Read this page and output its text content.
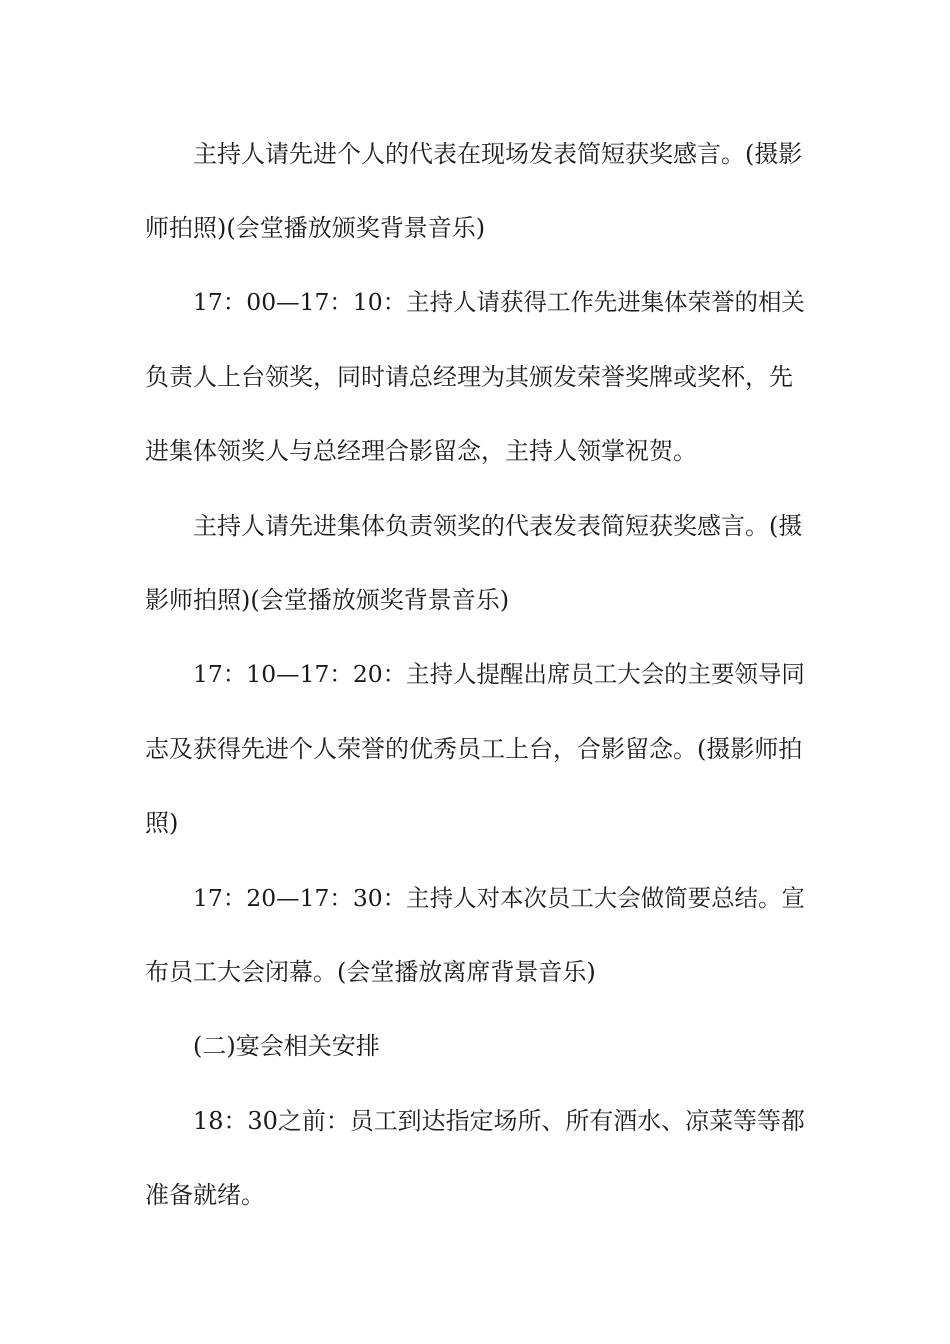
主持人请先进个人的代表在现场发表简短获奖感言。(摄影

师拍照)(会堂播放颁奖背景音乐)

17：00—17：10：主持人请获得工作先进集体荣誉的相关

负责人上台领奖，同时请总经理为其颁发荣誉奖牌或奖杯，先

进集体领奖人与总经理合影留念，主持人领掌祝贺。

主持人请先进集体负责领奖的代表发表简短获奖感言。(摄

影师拍照)(会堂播放颁奖背景音乐)

17：10—17：20：主持人提醒出席员工大会的主要领导同

志及获得先进个人荣誉的优秀员工上台，合影留念。(摄影师拍

照)

17：20—17：30：主持人对本次员工大会做简要总结。宣

布员工大会闭幕。(会堂播放离席背景音乐)

(二)宴会相关安排

18：30之前：员工到达指定场所、所有酒水、凉菜等等都

准备就绪。
